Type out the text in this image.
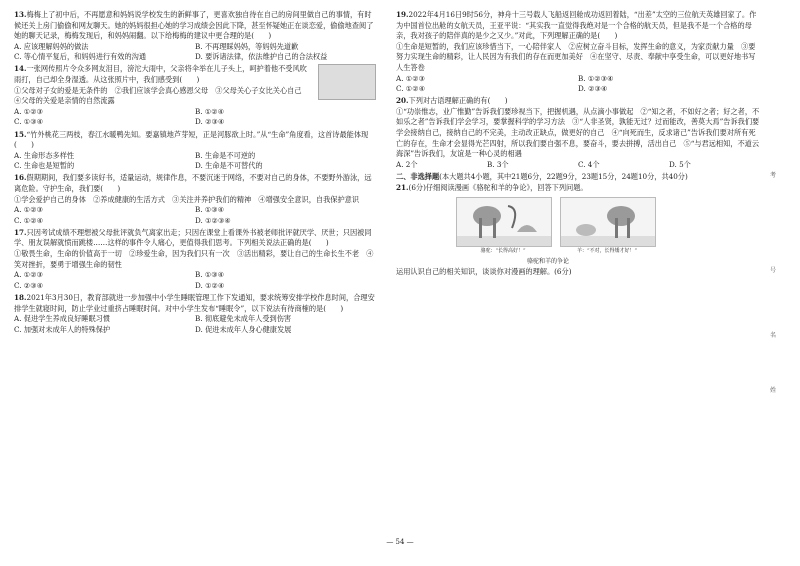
13.梅梅上了初中后，不再愿意和妈妈说学校发生的新鲜事了，更喜欢独自待在自己的房间里做自己的事情，有时候还关上房门偷偷和网友聊天。她的妈妈很担心她的学习成绩会因此下降，甚至怀疑她正在谈恋爱，偷偷地查阅了她的聊天记录，梅梅发现后，和妈妈闹翻。以下给梅梅的建议中更合理的是(　　)

A. 应该理解妈妈的做法	B. 不再理睬妈妈，等妈妈先道歉
C. 等心情平复后，和妈妈进行有效的沟通	D. 要诉诸法律，依法维护自己的合法权益

14.一张网传照片令众多网友泪目，滂沱大雨中，父亲将伞举在儿子头上，呵护着他不受风吹雨打，自己却全身湿透。从这张照片中，我们感受到(　　)

①父母对子女的爱是无条件的　②我们应该学会真心感恩父母　③父母关心子女比关心自己　④父母的关爱是亲情的自然流露

A. ①②③	B. ①②④
C. ①③④	D. ②③④

15.“竹外桃花三两枝，春江水暖鸭先知。要嘉镇地芦芽短，正是河豚欲上时。”从“生命”角度看，这首诗最能体现(　　)

A. 生命形态多样性	B. 生命是不可逆的
C. 生命也是短暂的	D. 生命是不可替代的

16.假期期间，我们要多读好书，适量运动，规律作息，不要沉迷于网络，不要对自己的身体，不要野外游泳，远离危险。守护生命，我们要(　　)

①学会爱护自己的身体　②养成健康的生活方式　③关注并养护我们的精神　④增强安全意识，自我保护意识

A. ①②③	B. ①③④
C. ①②④	D. ①②③④

17.只因考试成绩不理想被父母批评就负气离家出走；只因在课堂上看课外书被老师批评就厌学、厌世；只因被同学、朋友误解就愤而跳楼……这样的事件令人痛心，更值得我们思考。下列相关说法正确的是(　　)

①敬畏生命，生命的价值高于一切　②珍爱生命，因为我们只有一次　③活出精彩，要让自己的生命长生不老　④笑对挫折，要勇于增强生命的韧性

A. ①②③	B. ①③④
C. ②③④	D. ①②④

18.2021年3月30日，教育部就进一步加强中小学生睡眠管理工作下发通知，要求统筹安排学校作息时间，合理安排学生就寝时间，防止学业过重挤占睡眠时间。对中小学生发布“睡眠令”，以下说法有待商榷的是(　　)

A. 促进学生养成良好睡眠习惯	B. 彻底避免未成年人受到伤害
C. 加强对未成年人的特殊保护	D. 促进未成年人身心健康发展

19.2022年4月16日9时56分，神舟十三号载人飞船返回舱成功返回着陆，“出差”太空的三位航天英雄回家了。作为中国首位出舱的女航天员，王亚平说：“其实我一直觉得我绝对是一个合格的航天员，但是我不是一个合格的母亲，我对孩子的陪伴真的是少之又少。”对此，下列理解正确的是(　　)

①生命是短暂的，我们应该珍惜当下，一心陪伴家人　②应树立奋斗目标，发挥生命的意义，为家贡献力量　③要努力实现生命的精彩，让人民因为有我们的存在而更加美好　④在坚守、尽责、奉献中享受生命，可以更好地书写人生答卷

A. ①②③	B. ①②③④
C. ①②④	D. ②③④

20.下列对古语理解正确的有(　　)

①“功崇惟志，业广惟勤”告诉我们要珍视当下，把握机遇，从点滴小事做起　②“知之者，不如好之者；好之者，不如乐之者”告诉我们学会学习，要掌握科学的学习方法　③“人非圣贤，孰能无过？过而能改，善莫大焉”告诉我们要学会接纳自己，接纳自己的不完美，主动改正缺点，做更好的自己　④“向死而生，反求诸己”告诉我们要对所有死亡的存在，生命才会显得光芒四射，所以我们要自强不息，要奋斗，要去拼搏，活出自己　⑤“与君远相知，不道云海深”告诉我们，友谊是一种心灵的相遇

A. 2个	B. 3个	C. 4个	D. 5个

二、非选择题(本大题共4小题，其中21题6分，22题9分，23题15分，24题10分，共40分)

21.(6分)仔细阅读漫画《骆驼和羊的争论》，回答下列问题。

骆驼：“长得高好！”	羊：“不对，长得矮才好！”

骆驼和羊的争论

运用认识自己的相关知识，谈谈你对漫画的理解。(6分)

考
号
名
姓
— 54 —
